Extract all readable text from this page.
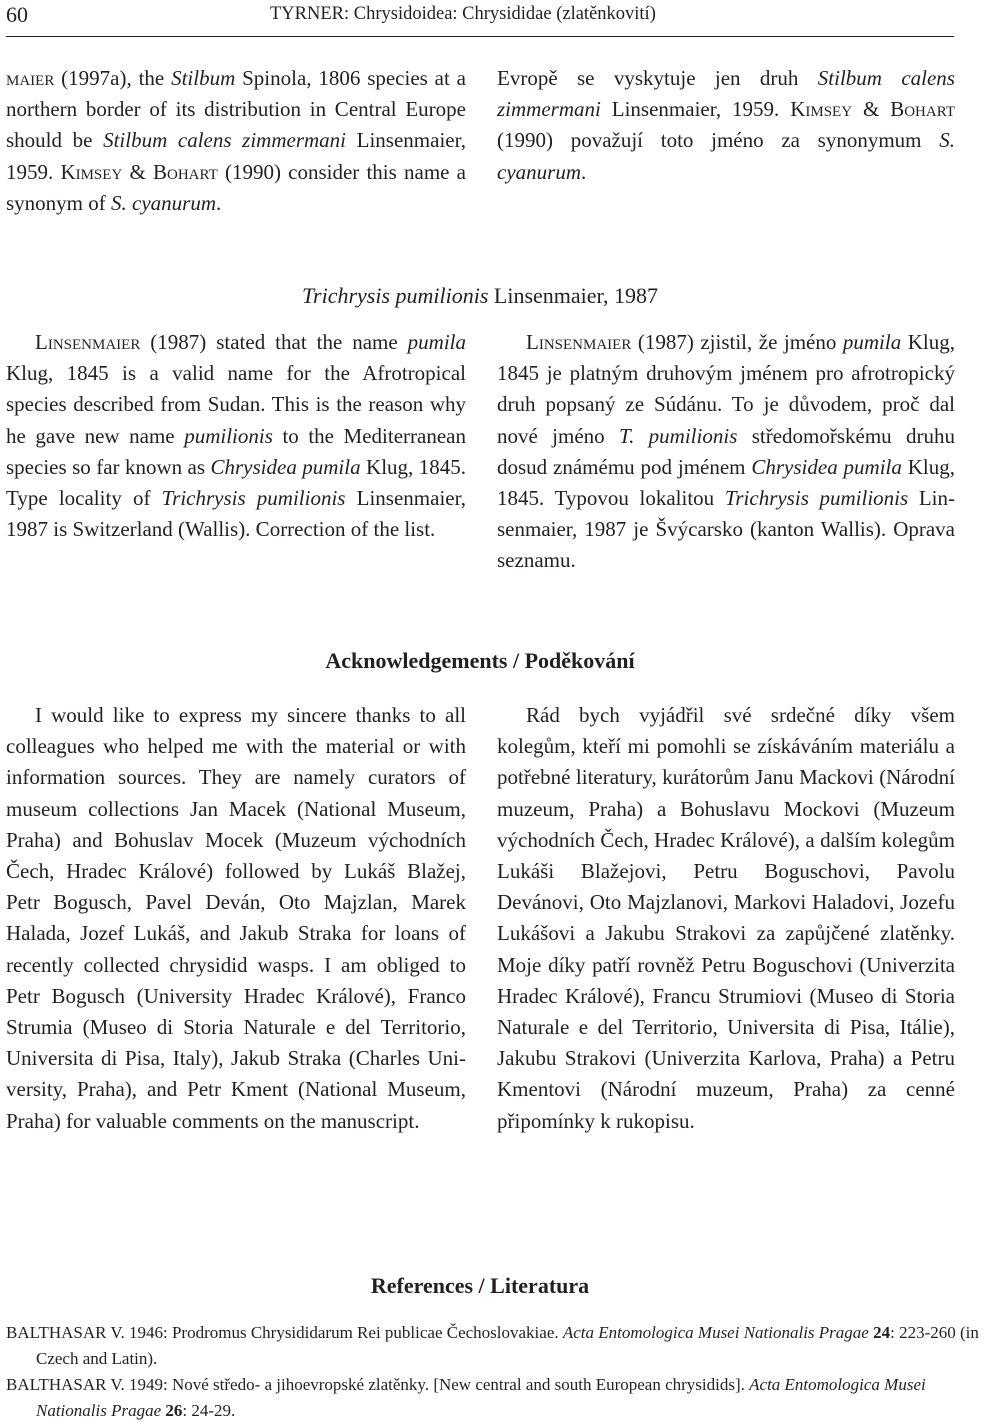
60	TYRNER: Chrysidoidea: Chrysididae (zlatěnkovití)

maier (1997a), the Stilbum Spinola, 1806 species at a northern border of its distribution in Central Europe should be Stilbum calens zimmermani Linsenmaier, 1959. Kimsey & Bohart (1990) consider this name a synonym of S. cyanurum.

Evropě se vyskytuje jen druh Stilbum calens zimmermani Linsenmaier, 1959. Kimsey & Bohart (1990) považují toto jméno za synonymum S. cyanurum.

Trichrysis pumilionis Linsenmaier, 1987

Linsenmaier (1987) stated that the name pumila Klug, 1845 is a valid name for the Afrotropical species described from Sudan. This is the reason why he gave new name pumilionis to the Mediterranean species so far known as Chrysidea pumila Klug, 1845. Type locality of Trichrysis pumilionis Linsenmaier, 1987 is Switzerland (Wallis). Correction of the list.

Linsenmaier (1987) zjistil, že jméno pumila Klug, 1845 je platným druhovým jménem pro afrotropický druh popsaný ze Súdánu. To je důvodem, proč dal nové jméno T. pumilionis středomořskému druhu dosud známému pod jménem Chrysidea pumila Klug, 1845. Typovou lokalitou Trichrysis pumilionis Linsenmaier, 1987 je Švýcarsko (kanton Wallis). Oprava seznamu.

Acknowledgements / Poděkování

I would like to express my sincere thanks to all colleagues who helped me with the material or with information sources. They are namely curators of museum collections Jan Macek (National Museum, Praha) and Bohuslav Mocek (Muzeum východních Čech, Hradec Králové) followed by Lukáš Blažej, Petr Bogusch, Pavel Deván, Oto Majzlan, Marek Halada, Jozef Lukáš, and Jakub Straka for loans of recently collected chrysidid wasps. I am obliged to Petr Bogusch (University Hradec Králové), Franco Strumia (Museo di Storia Naturale e del Territorio, Universita di Pisa, Italy), Jakub Straka (Charles University, Praha), and Petr Kment (National Museum, Praha) for valuable comments on the manuscript.

Rád bych vyjádřil své srdečné díky všem kolegům, kteří mi pomohli se získáváním materiálu a potřebné literatury, kurátorům Janu Mackovi (Národní muzeum, Praha) a Bohuslavu Mockovi (Muzeum východních Čech, Hradec Králové), a dalším kolegům Lukáši Blažejovi, Petru Boguschovi, Pavolu Devánovi, Oto Majzlanovi, Markovi Haladovi, Jozefu Lukášovi a Jakubu Strakovi za zapůjčené zlatěnky. Moje díky patří rovněž Petru Boguschovi (Univerzita Hradec Králové), Francu Strumiovi (Museo di Storia Naturale e del Territorio, Universita di Pisa, Itálie), Jakubu Strakovi (Univerzita Karlova, Praha) a Petru Kmentovi (Národní muzeum, Praha) za cenné připomínky k rukopisu.

References / Literatura

BALTHASAR V. 1946: Prodromus Chrysididarum Rei publicae Čechoslovakiae. Acta Entomologica Musei Nationalis Pragae 24: 223-260 (in Czech and Latin).

BALTHASAR V. 1949: Nové středo- a jihoevropské zlatěnky. [New central and south European chrysidids]. Acta Entomologica Musei Nationalis Pragae 26: 24-29.
